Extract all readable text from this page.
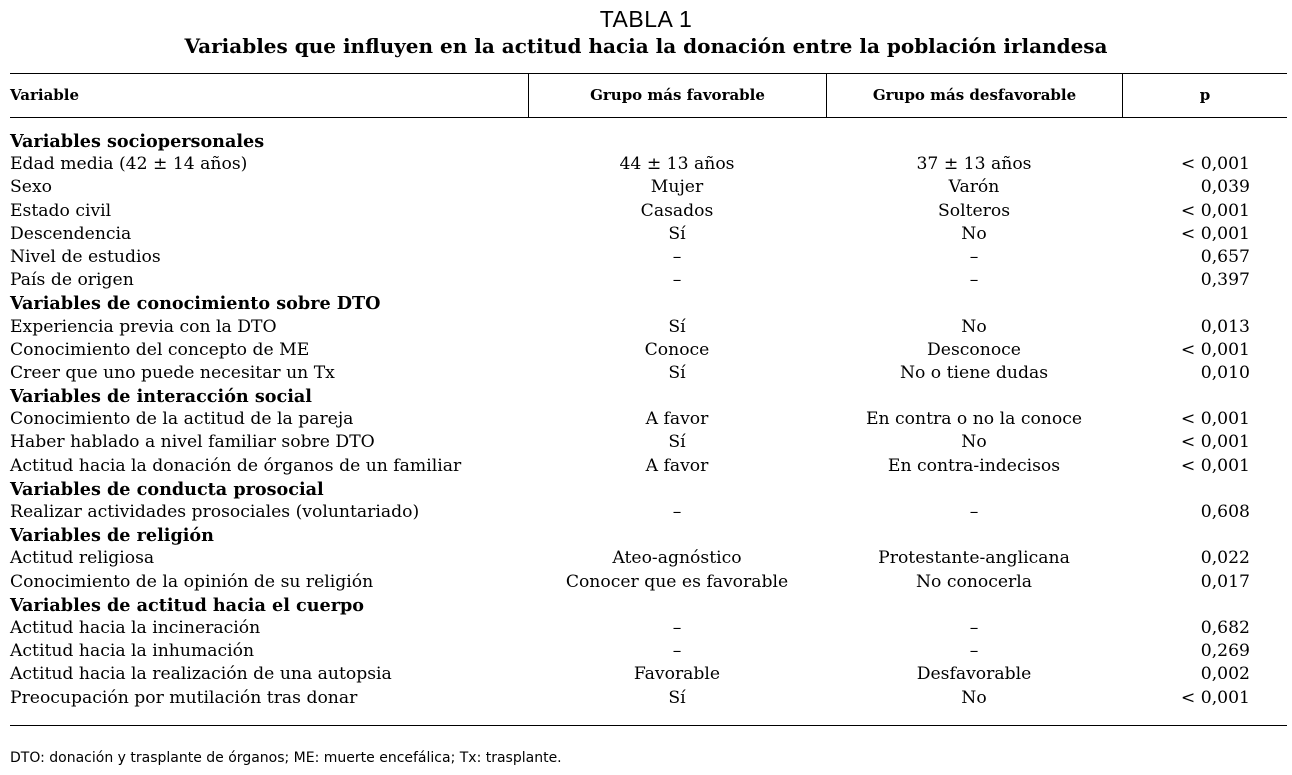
TABLA 1
Variables que influyen en la actitud hacia la donación entre la población irlandesa
Variable	Grupo más favorable	Grupo más desfavorable	p
Variables sociopersonales
Edad media (42 ± 14 años)	44 ± 13 años	37 ± 13 años	< 0,001
Sexo	Mujer	Varón	0,039
Estado civil	Casados	Solteros	< 0,001
Descendencia	Sí	No	< 0,001
Nivel de estudios	–	–	0,657
País de origen	–	–	0,397
Variables de conocimiento sobre DTO
Experiencia previa con la DTO	Sí	No	0,013
Conocimiento del concepto de ME	Conoce	Desconoce	< 0,001
Creer que uno puede necesitar un Tx	Sí	No o tiene dudas	0,010
Variables de interacción social
Conocimiento de la actitud de la pareja	A favor	En contra o no la conoce	< 0,001
Haber hablado a nivel familiar sobre DTO	Sí	No	< 0,001
Actitud hacia la donación de órganos de un familiar	A favor	En contra-indecisos	< 0,001
Variables de conducta prosocial
Realizar actividades prosociales (voluntariado)	–	–	0,608
Variables de religión
Actitud religiosa	Ateo-agnóstico	Protestante-anglicana	0,022
Conocimiento de la opinión de su religión	Conocer que es favorable	No conocerla	0,017
Variables de actitud hacia el cuerpo
Actitud hacia la incineración	–	–	0,682
Actitud hacia la inhumación	–	–	0,269
Actitud hacia la realización de una autopsia	Favorable	Desfavorable	0,002
Preocupación por mutilación tras donar	Sí	No	< 0,001
DTO: donación y trasplante de órganos; ME: muerte encefálica; Tx: trasplante.
